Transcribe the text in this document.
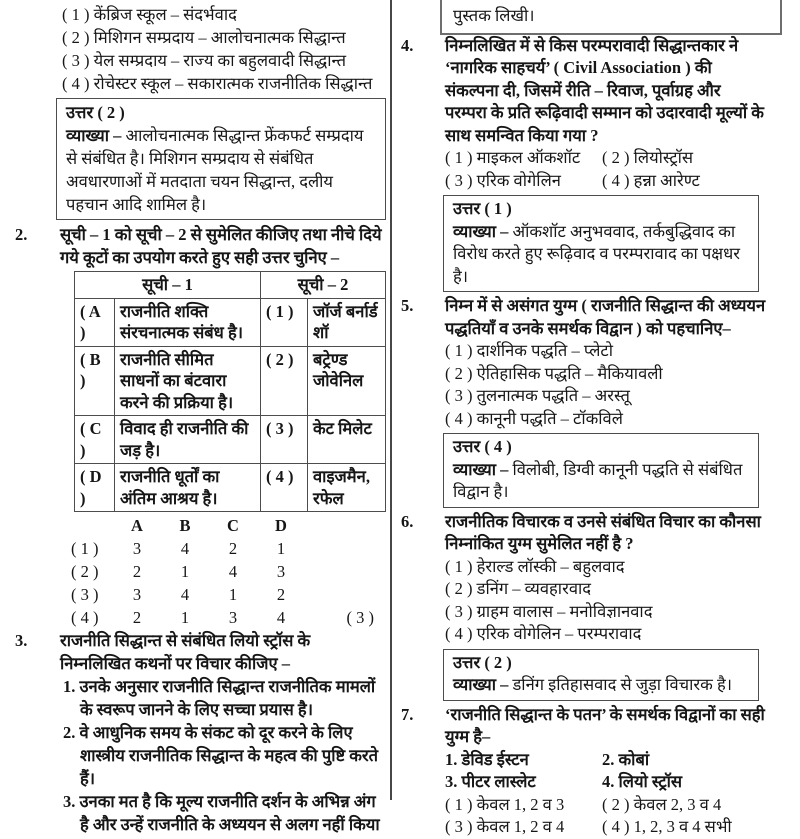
( 1 ) केंब्रिज स्कूल – संदर्भवाद
( 2 ) मिशिगन सम्प्रदाय – आलोचनात्मक सिद्धान्त
( 3 ) येल सम्प्रदाय – राज्य का बहुलवादी सिद्धान्त
( 4 ) रोचेस्टर स्कूल – सकारात्मक राजनीतिक सिद्धान्त
उत्तर ( 2 )
व्याख्या – आलोचनात्मक सिद्धान्त फ्रेंकफर्ट सम्प्रदाय से संबंधित है। मिशिगन सम्प्रदाय से संबंधित अवधारणाओं में मतदाता चयन सिद्धान्त, दलीय पहचान आदि शामिल है।
2.	सूची – 1 को सूची – 2 से सुमेलित कीजिए तथा नीचे दिये गये कूटों का उपयोग करते हुए सही उत्तर चुनिए –
सूची – 1		सूची – 2	
( A )	राजनीति शक्ति संरचनात्मक संबंध है।	( 1 )	जॉर्ज बर्नार्ड शॉ
( B )	राजनीति सीमित साधनों का बंटवारा करने की प्रक्रिया है।	( 2 )	बट्रेण्ड जोवेनिल
( C )	विवाद ही राजनीति की जड़ है।	( 3 )	केट मिलेट
( D )	राजनीति धूर्तों का अंतिम आश्रय है।	( 4 )	वाइजमैन, रफेल
A	B	C	D
( 1 )	3	4	2	1
( 2 )	2	1	4	3
( 3 )	3	4	1	2
( 4 )	2	1	3	4	( 3 )
3.	राजनीति सिद्धान्त से संबंधित लियो स्ट्रॉस के निम्नलिखित कथनों पर विचार कीजिए –
1. उनके अनुसार राजनीति सिद्धान्त राजनीतिक मामलों के स्वरूप जानने के लिए सच्चा प्रयास है।
2. वे आधुनिक समय के संकट को दूर करने के लिए शास्त्रीय राजनीतिक सिद्धान्त के महत्व की पुष्टि करते हैं।
3. उनका मत है कि मूल्य राजनीति दर्शन के अभिन्न अंग है और उन्हें राजनीति के अध्ययन से अलग नहीं किया
पुस्तक लिखी।
4.	निम्नलिखित में से किस परम्परावादी सिद्धान्तकार ने ‘नागरिक साहचर्य’ ( Civil Association ) की संकल्पना दी, जिसमें रीति – रिवाज, पूर्वाग्रह और परम्परा के प्रति रूढ़िवादी सम्मान को उदारवादी मूल्यों के साथ समन्वित किया गया ?
( 1 ) माइकल ऑकशॉट	( 2 ) लियोस्ट्रॉस
( 3 ) एरिक वोगेलिन	( 4 ) हन्ना आरेण्ट
उत्तर ( 1 )
व्याख्या – ऑकशॉट अनुभववाद, तर्कबुद्धिवाद का विरोध करते हुए रूढ़िवाद व परम्परावाद का पक्षधर है।
5.	निम्न में से असंगत युग्म ( राजनीति सिद्धान्त की अध्ययन पद्धतियाँ व उनके समर्थक विद्वान ) को पहचानिए–
( 1 ) दार्शनिक पद्धति – प्लेटो
( 2 ) ऐतिहासिक पद्धति – मैकियावली
( 3 ) तुलनात्मक पद्धति – अरस्तू
( 4 ) कानूनी पद्धति – टॉकविले
उत्तर ( 4 )
व्याख्या – विलोबी, डिग्वी कानूनी पद्धति से संबंधित विद्वान है।
6.	राजनीतिक विचारक व उनसे संबंधित विचार का कौनसा निम्नांकित युग्म सुमेलित नहीं है ?
( 1 ) हेराल्ड लॉस्की – बहुलवाद
( 2 ) डनिंग – व्यवहारवाद
( 3 ) ग्राहम वालास – मनोविज्ञानवाद
( 4 ) एरिक वोगेलिन – परम्परावाद
उत्तर ( 2 )
व्याख्या – डनिंग इतिहासवाद से जुड़ा विचारक है।
7.	‘राजनीति सिद्धान्त के पतन’ के समर्थक विद्वानों का सही युग्म है–
1. डेविड ईस्टन	2. कोबां
3. पीटर लास्लेट	4. लियो स्ट्रॉस
( 1 ) केवल 1, 2 व 3	( 2 ) केवल 2, 3 व 4
( 3 ) केवल 1, 2 व 4	( 4 ) 1, 2, 3 व 4 सभी
